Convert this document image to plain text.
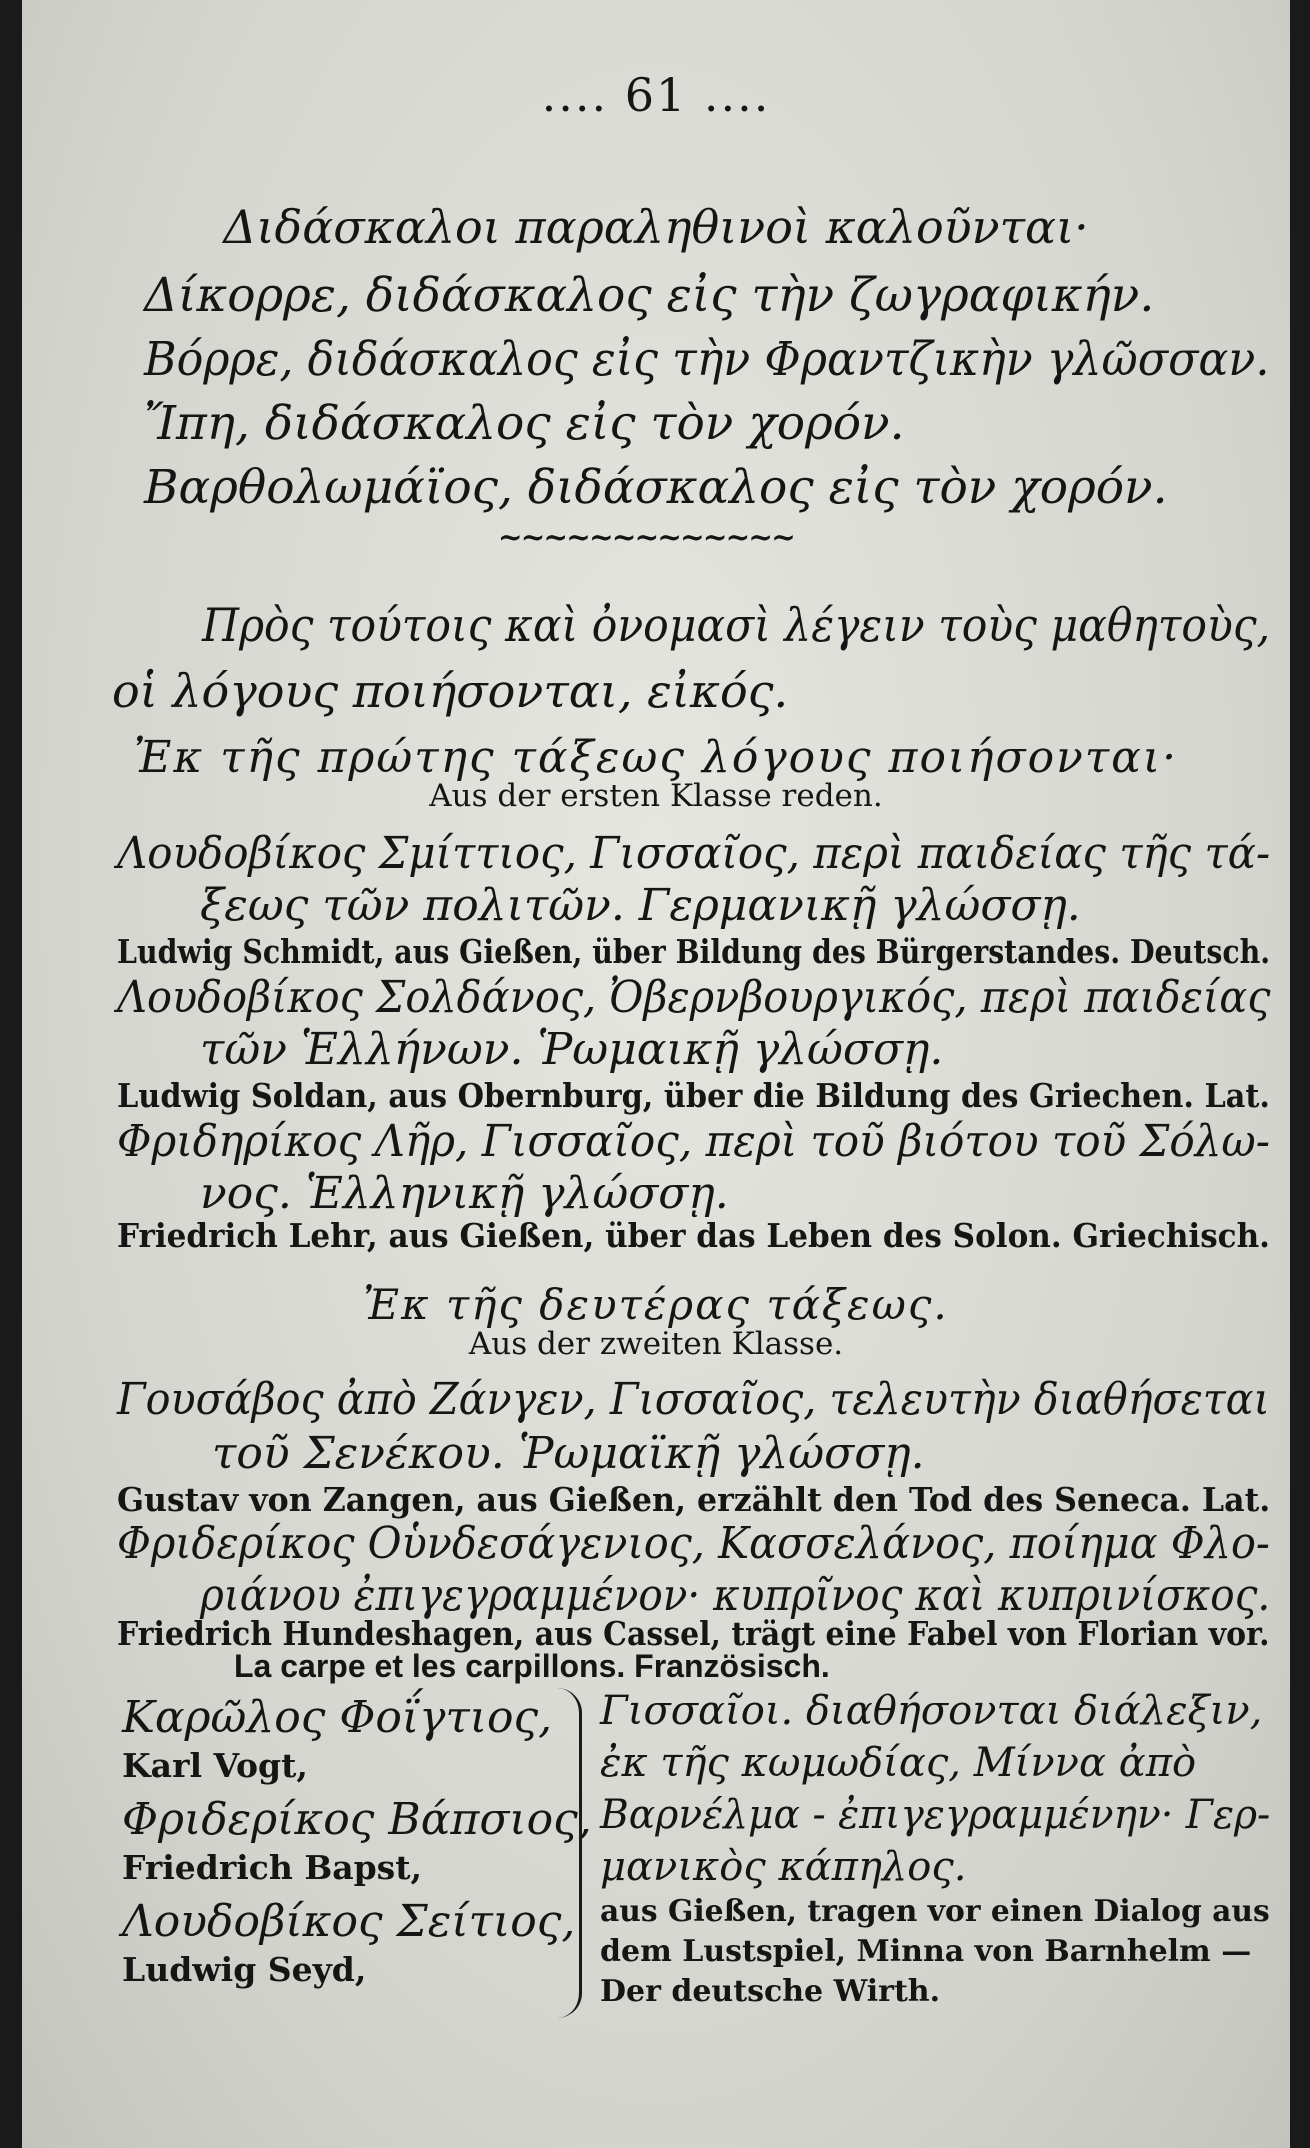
.... 61 ....
Διδάσκαλοι παραληθινοὶ καλοῦνται·
Δίκορρε, διδάσκαλος εἰς τὴν ζωγραφικήν.
Βόρρε, διδάσκαλος εἰς τὴν Φραντζικὴν γλῶσσαν.
Ἴπη, διδάσκαλος εἰς τὸν χορόν.
Βαρθολωμάϊος, διδάσκαλος εἰς τὸν χορόν.
~~~~~~~~~~~~~
Πρὸς τούτοις καὶ ὀνομασὶ λέγειν τοὺς μαθητοὺς,
οἱ λόγους ποιήσονται, εἰκός.
Ἐκ τῆς πρώτης τάξεως λόγους ποιήσονται·
Aus der ersten Klasse reden.
Λουδοβίκος Σμίττιος, Γισσαῖος, περὶ παιδείας τῆς τά-
ξεως τῶν πολιτῶν. Γερμανικῇ γλώσσῃ.
Ludwig Schmidt, aus Gießen, über Bildung des Bürgerstandes. Deutsch.
Λουδοβίκος Σολδάνος, Ὀβερνβουργικός, περὶ παιδείας
τῶν Ἑλλήνων. Ῥωμαικῇ γλώσσῃ.
Ludwig Soldan, aus Obernburg, über die Bildung des Griechen. Lat.
Φριδηρίκος Λῆρ, Γισσαῖος, περὶ τοῦ βιότου τοῦ Σόλω-
νος. Ἑλληνικῇ γλώσσῃ.
Friedrich Lehr, aus Gießen, über das Leben des Solon. Griechisch.
Ἐκ τῆς δευτέρας τάξεως.
Aus der zweiten Klasse.
Γουσάβος ἀπὸ Ζάνγεν, Γισσαῖος, τελευτὴν διαθήσεται
τοῦ Σενέκου. Ῥωμαϊκῇ γλώσσῃ.
Gustav von Zangen, aus Gießen, erzählt den Tod des Seneca. Lat.
Φριδερίκος Οὑνδεσάγενιος, Κασσελάνος, ποίημα Φλο-
ριάνου ἐπιγεγραμμένον· κυπρῖνος καὶ κυπρινίσκος.
Friedrich Hundeshagen, aus Cassel, trägt eine Fabel von Florian vor.
La carpe et les carpillons. Französisch.
Καρῶλος Φοΐγτιος,
Karl Vogt,
Φριδερίκος Βάπσιος,
Friedrich Bapst,
Λουδοβίκος Σείτιος,
Ludwig Seyd,
Γισσαῖοι. διαθήσονται διάλεξιν,
ἐκ τῆς κωμωδίας, Μίννα ἀπὸ
Βαρνέλμα - ἐπιγεγραμμένην· Γερ-
μανικὸς κάπηλος.
aus Gießen, tragen vor einen Dialog aus
dem Lustspiel, Minna von Barnhelm —
Der deutsche Wirth.
